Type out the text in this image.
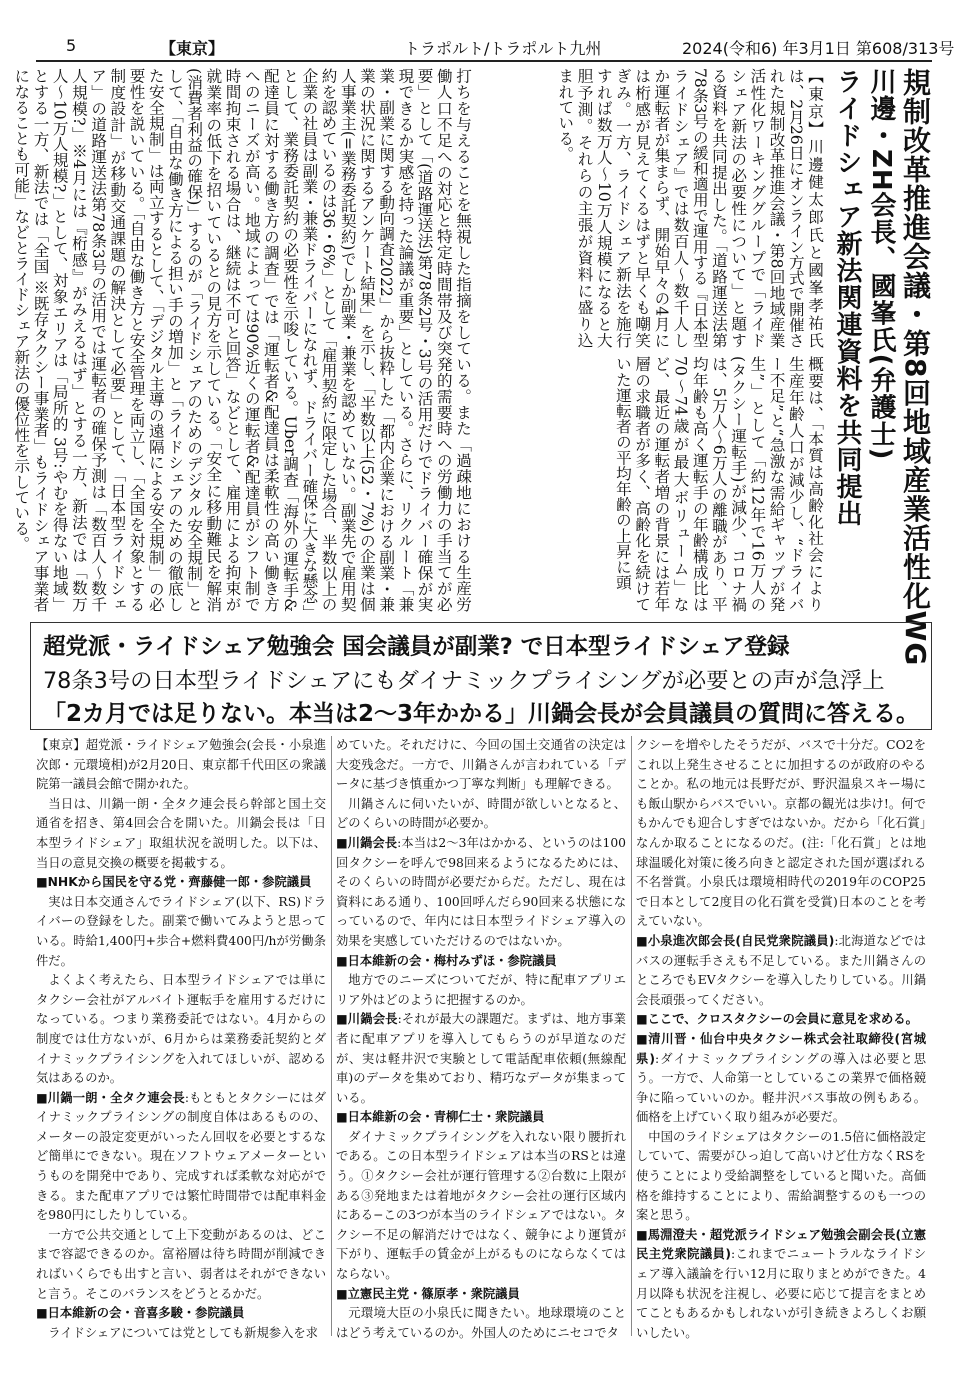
5	【東京】	トラポルト/トラポルト九州	2024(令和6) 年3月1日 第608/313号
規制改革推進会議・第8回地域産業活性化WG
川邊・ZH会長、國峯氏(弁護士)
ライドシェア新法関連資料を共同提出
【東京】川邊健太郎氏と國峯孝祐氏は、2月26日にオンライン方式で開催された規制改革推進会議・第8回地域産業活性化ワーキンググループで「ライドシェア新法の必要性について」と題する資料を共同提出した。「道路運送法第78条3号の緩和適用で運用する『日本型ライドシェア』では数百人〜数千人しか運転者が集まらず、開始早々の4月には桁感が見えてくるはずと早くも嘲笑ぎみ。一方、ライドシェア新法を施行すれば数万人〜10万人規模になると大胆予測。それらの主張が資料に盛り込まれている。
概要は、「本質は高齢化社会により生産年齢人口が減少し、“ドライバー不足”と“急激な需給ギャップが発生”」として「約12年で16万人の(タクシー運転手)が減少、コロナ禍は、5万人〜6万人の離職があり、平均年齢も高く運転手の年齢構成比は70〜74歳が最大ボリューム」など、最近の運転者増の背景には若年層の求職者が多く、高齢化を続けていた運転者の平均年齢の上昇に頭
打ちを与えることを無視した指摘をしている。また「過疎地における生産労働人口不足への対応と特定時間帯及び突発的需要時への労働力の手当てが必要」として「(道路運送法)第78条2号・3号の活用だけでドライバー確保が実現できるか実感を持った論議が重要」としている。さらに、リクルート「兼業・副業に関する動向調査2022」から抜粋した「都内企業における副業・兼業の状況に関するアンケート結果」を示し、「半数以上(52・7%)の企業は個人事業主(=業務委託契約)でしか副業・兼業を認めていない。副業先で雇用契約を認めているのは36・6%」として「雇用契約に限定した場合、半数以上の企業の社員は副業・兼業ドライバーになれず、ドライバー確保に大きな懸念」として、業務委託契約の必要性を示唆している。Uber調査「海外の運転手&配達員に対する働き方の調査」では「運転者&配達員は柔軟性の高い働き方へのニーズが高い。地域によっては90%近くの運転者&配達員がシフト制で時間拘束される場合は、継続は不可と回答」などとして、雇用による拘束が就業率の低下を招いているとの見方を示している。「安全に移動難民を解消(消費者利益の確保)」するのが「ライドシェアのためのデジタル安全規制」として、「自由な働き方による担い手の増加」と「ライドシェアのための徹底した安全規制」は両立するとして、「デジタル主導の遠隔による安全規制」の必要性を説いている。「自由な働き方と安全管理を両立し、「全国を対象とする制度設計」が移動交通課題の解決として必要」として、「日本型ライドシェア」の道路運送法第78条3号の活用では運転者の確保予測は「数百人〜数千人規模?」※4月には『桁感』がみえるはず」とする一方、新法では「数万人〜10万人規模?」として、対象エリアは「局所的 3号:やむを得ない地域」とする一方、新法では「全国 ※既存タクシー事業者」もライドシェア事業者になることも可能」などとライドシェア新法の優位性を示している。
超党派・ライドシェア勉強会 国会議員が副業? で日本型ライドシェア登録
78条3号の日本型ライドシェアにもダイナミックプライシングが必要との声が急浮上
「2カ月では足りない。本当は2〜3年かかる」川鍋会長が会員議員の質問に答える。

【東京】超党派・ライドシェア勉強会(会長・小泉進次郎・元環境相)が2月20日、東京都千代田区の衆議院第一議員会館で開かれた。

当日は、川鍋一朗・全タク連会長ら幹部と国土交通省を招き、第4回会合を開いた。川鍋会長は「日本型ライドシェア」取組状況を説明した。以下は、当日の意見交換の概要を掲載する。

■NHKから国民を守る党・齊藤健一郎・参院議員

実は日本交通さんでライドシェア(以下、RS)ドライバーの登録をした。副業で働いてみようと思っている。時給1,400円+歩合+燃料費400円/hが労働条件だ。

よくよく考えたら、日本型ライドシェアでは単にタクシー会社がアルバイト運転手を雇用するだけになっている。つまり業務委託ではない。4月からの制度では仕方ないが、6月からは業務委託契約とダイナミックプライシングを入れてほしいが、認める気はあるのか。

■川鍋一朗・全タク連会長:もともとタクシーにはダイナミックプライシングの制度自体はあるものの、メーターの設定変更がいったん回収を必要とするなど簡単にできない。現在ソフトウェアメーターというものを開発中であり、完成すれば柔軟な対応ができる。また配車アプリでは繁忙時間帯では配車料金を980円にしたりしている。

一方で公共交通として上下変動があるのは、どこまで容認できるのか。富裕層は待ち時間が削減できればいくらでも出すと言い、弱者はそれができないと言う。そこのバランスをどうとるかだ。

■日本維新の会・音喜多駿・参院議員

ライドシェアについては党としても新規参入を求

めていた。それだけに、今回の国土交通省の決定は大変残念だ。一方で、川鍋さんが言われている「データに基づき慎重かつ丁寧な判断」も理解できる。

川鍋さんに伺いたいが、時間が欲しいとなると、どのくらいの時間が必要か。

■川鍋会長:本当は2〜3年はかかる、というのは100回タクシーを呼んで98回来るようになるためには、そのくらいの時間が必要だからだ。ただし、現在は資料にある通り、100回呼んだら90回来る状態になっているので、年内には日本型ライドシェア導入の効果を実感していただけるのではないか。

■日本維新の会・梅村みずほ・参院議員

地方でのニーズについてだが、特に配車アプリエリア外はどのように把握するのか。

■川鍋会長:それが最大の課題だ。まずは、地方事業者に配車アプリを導入してもらうのが早道なのだが、実は軽井沢で実験として電話配車依頼(無線配車)のデータを集めており、精巧なデータが集まっている。

■日本維新の会・青柳仁士・衆院議員

ダイナミックプライシングを入れない限り腰折れである。この日本型ライドシェアは本当のRSとは違う。①タクシー会社が運行管理する②台数に上限がある③発地または着地がタクシー会社の運行区域内にある−この3つが本当のライドシェアではない。タクシー不足の解消だけではなく、競争により運賃が下がり、運転手の賃金が上がるものにならなくてはならない。

■立憲民主党・篠原孝・衆院議員

元環境大臣の小泉氏に聞きたい。地球環境のことはどう考えているのか。外国人のためにニセコでタ

クシーを増やしたそうだが、バスで十分だ。CO2をこれ以上発生させることに加担するのが政府のやることか。私の地元は長野だが、野沢温泉スキー場にも飯山駅からバスでいい。京都の観光は歩け!。何でもかんでも迎合しすぎではないか。だから「化石賞」なんか取ることになるのだ。(注:「化石賞」とは地球温暖化対策に後ろ向きと認定された国が選ばれる不名誉賞。小泉氏は環境相時代の2019年のCOP25で日本として2度目の化石賞を受賞)日本のことを考えていない。

■小泉進次郎会長(自民党衆院議員):北海道などではバスの運転手さえも不足している。また川鍋さんのところでもEVタクシーを導入したりしている。川鍋会長頑張ってください。

■ここで、クロスタクシーの会員に意見を求める。

■清川晋・仙台中央タクシー株式会社取締役(宮城県):ダイナミックプライシングの導入は必要と思う。一方で、人命第一としているこの業界で価格競争に陥っていいのか。軽井沢バス事故の例もある。価格を上げていく取り組みが必要だ。

中国のライドシェアはタクシーの1.5倍に価格設定していて、需要がひっ迫して高いけど仕方なくRSを使うことにより受給調整をしていると聞いた。高価格を維持することにより、需給調整するのも一つの案と思う。

■馬淵澄夫・超党派ライドシェア勉強会副会長(立憲民主党衆院議員):これまでニュートラルなライドシェア導入議論を行い12月に取りまとめができた。4月以降も状況を注視し、必要に応じて提言をまとめてこともあるかもしれないが引き続きよろしくお願いしたい。
